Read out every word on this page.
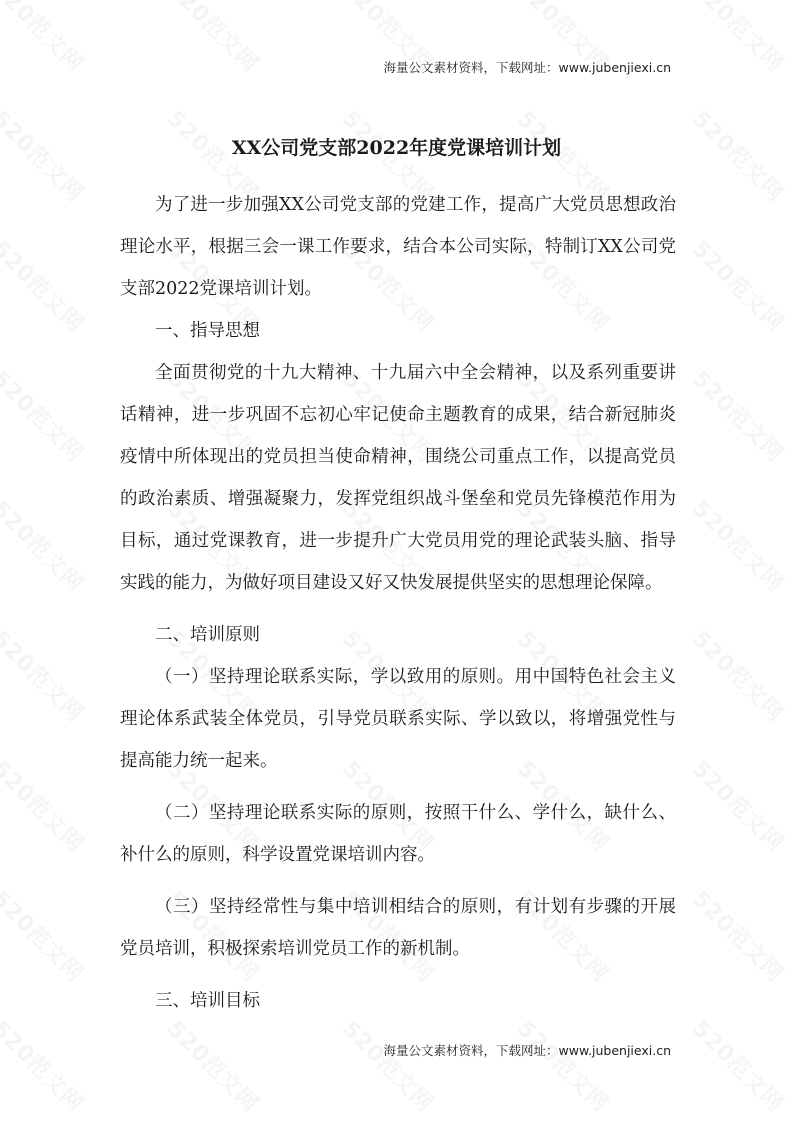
海量公文素材资料，下载网址：www.jubenjiexi.cn
XX公司党支部2022年度党课培训计划

为了进一步加强XX公司党支部的党建工作，提高广大党员思想政治理论水平，根据三会一课工作要求，结合本公司实际，特制订XX公司党支部2022党课培训计划。

一、指导思想

全面贯彻党的十九大精神、十九届六中全会精神，以及系列重要讲话精神，进一步巩固不忘初心牢记使命主题教育的成果，结合新冠肺炎疫情中所体现出的党员担当使命精神，围绕公司重点工作，以提高党员的政治素质、增强凝聚力，发挥党组织战斗堡垒和党员先锋模范作用为目标，通过党课教育，进一步提升广大党员用党的理论武装头脑、指导实践的能力，为做好项目建设又好又快发展提供坚实的思想理论保障。

二、培训原则

（一）坚持理论联系实际，学以致用的原则。用中国特色社会主义理论体系武装全体党员，引导党员联系实际、学以致以，将增强党性与提高能力统一起来。

（二）坚持理论联系实际的原则，按照干什么、学什么，缺什么、补什么的原则，科学设置党课培训内容。

（三）坚持经常性与集中培训相结合的原则，有计划有步骤的开展党员培训，积极探索培训党员工作的新机制。

三、培训目标

海量公文素材资料，下载网址：www.jubenjiexi.cn
